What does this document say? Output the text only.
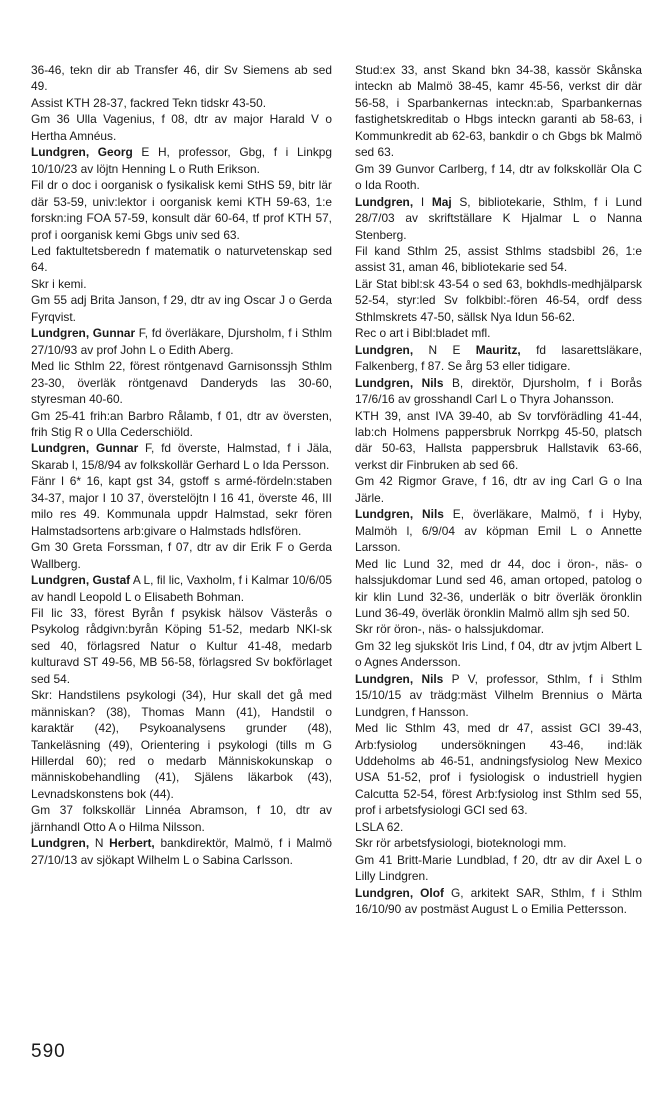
36-46, tekn dir ab Transfer 46, dir Sv Siemens ab sed 49.

Assist KTH 28-37, fackred Tekn tidskr 43-50.

Gm 36 Ulla Vagenius, f 08, dtr av major Harald V o Hertha Amnéus.

Lundgren, Georg E H, professor, Gbg, f i Linkpg 10/10/23 av löjtn Henning L o Ruth Erikson.

Fil dr o doc i oorganisk o fysikalisk kemi StHS 59, bitr lär där 53-59, univ:lektor i oorganisk kemi KTH 59-63, 1:e forskn:ing FOA 57-59, konsult där 60-64, tf prof KTH 57, prof i oorganisk kemi Gbgs univ sed 63.

Led faktultetsberedn f matematik o naturvetenskap sed 64.

Skr i kemi.

Gm 55 adj Brita Janson, f 29, dtr av ing Oscar J o Gerda Fyrqvist.

Lundgren, Gunnar F, fd överläkare, Djursholm, f i Sthlm 27/10/93 av prof John L o Edith Aberg.

Med lic Sthlm 22, förest röntgenavd Garnisonssjh Sthlm 23-30, överläk röntgenavd Danderyds las 30-60, styresman 40-60.

Gm 25-41 frih:an Barbro Rålamb, f 01, dtr av översten, frih Stig R o Ulla Cederschiöld.

Lundgren, Gunnar F, fd överste, Halmstad, f i Jäla, Skarab l, 15/8/94 av folkskollär Gerhard L o Ida Persson.

Fänr I 6* 16, kapt gst 34, gstoff s armé-fördeln:staben 34-37, major I 10 37, överstelöjtn I 16 41, överste 46, III milo res 49. Kommunala uppdr Halmstad, sekr fören Halmstadsortens arb:givare o Halmstads hdlsfören.

Gm 30 Greta Forssman, f 07, dtr av dir Erik F o Gerda Wallberg.

Lundgren, Gustaf A L, fil lic, Vaxholm, f i Kalmar 10/6/05 av handl Leopold L o Elisabeth Bohman.

Fil lic 33, förest Byrån f psykisk hälsov Västerås o Psykolog rådgivn:byrån Köping 51-52, medarb NKI-sk sed 40, förlagsred Natur o Kultur 41-48, medarb kulturavd ST 49-56, MB 56-58, förlagsred Sv bokförlaget sed 54.

Skr: Handstilens psykologi (34), Hur skall det gå med människan? (38), Thomas Mann (41), Handstil o karaktär (42), Psykoanalysens grunder (48), Tankeläsning (49), Orientering i psykologi (tills m G Hillerdal 60); red o medarb Människokunskap o människobehandling (41), Själens läkarbok (43), Levnadskonstens bok (44).

Gm 37 folkskollär Linnéa Abramson, f 10, dtr av järnhandl Otto A o Hilma Nilsson.

Lundgren, N Herbert, bankdirektör, Malmö, f i Malmö 27/10/13 av sjökapt Wilhelm L o Sabina Carlsson.

Stud:ex 33, anst Skand bkn 34-38, kassör Skånska inteckn ab Malmö 38-45, kamr 45-56, verkst dir där 56-58, i Sparbankernas inteckn:ab, Sparbankernas fastighetskreditab o Hbgs inteckn garanti ab 58-63, i Kommunkredit ab 62-63, bankdir o ch Gbgs bk Malmö sed 63.

Gm 39 Gunvor Carlberg, f 14, dtr av folkskollär Ola C o Ida Rooth.

Lundgren, I Maj S, bibliotekarie, Sthlm, f i Lund 28/7/03 av skriftställare K Hjalmar L o Nanna Stenberg.

Fil kand Sthlm 25, assist Sthlms stadsbibl 26, 1:e assist 31, aman 46, bibliotekarie sed 54.

Lär Stat bibl:sk 43-54 o sed 63, bokhdls-medhjälparsk 52-54, styr:led Sv folkbibl:-fören 46-54, ordf dess Sthlmskrets 47-50, sällsk Nya Idun 56-62.

Rec o art i Bibl:bladet mfl.

Lundgren, N E Mauritz, fd lasarettsläkare, Falkenberg, f 87. Se årg 53 eller tidigare.

Lundgren, Nils B, direktör, Djursholm, f i Borås 17/6/16 av grosshandl Carl L o Thyra Johansson.

KTH 39, anst IVA 39-40, ab Sv torvförädling 41-44, lab:ch Holmens pappersbruk Norrkpg 45-50, platsch där 50-63, Hallsta pappersbruk Hallstavik 63-66, verkst dir Finbruken ab sed 66.

Gm 42 Rigmor Grave, f 16, dtr av ing Carl G o Ina Järle.

Lundgren, Nils E, överläkare, Malmö, f i Hyby, Malmöh l, 6/9/04 av köpman Emil L o Annette Larsson.

Med lic Lund 32, med dr 44, doc i öron-, näs- o halssjukdomar Lund sed 46, aman ortoped, patolog o kir klin Lund 32-36, underläk o bitr överläk öronklin Lund 36-49, överläk öronklin Malmö allm sjh sed 50.

Skr rör öron-, näs- o halssjukdomar.

Gm 32 leg sjuksköt Iris Lind, f 04, dtr av jvtjm Albert L o Agnes Andersson.

Lundgren, Nils P V, professor, Sthlm, f i Sthlm 15/10/15 av trädg:mäst Vilhelm Brennius o Märta Lundgren, f Hansson.

Med lic Sthlm 43, med dr 47, assist GCI 39-43, Arb:fysiolog undersökningen 43-46, ind:läk Uddeholms ab 46-51, andningsfysiolog New Mexico USA 51-52, prof i fysiologisk o industriell hygien Calcutta 52-54, förest Arb:fysiolog inst Sthlm sed 55, prof i arbetsfysiologi GCI sed 63.

LSLA 62.

Skr rör arbetsfysiologi, bioteknologi mm.

Gm 41 Britt-Marie Lundblad, f 20, dtr av dir Axel L o Lilly Lindgren.

Lundgren, Olof G, arkitekt SAR, Sthlm, f i Sthlm 16/10/90 av postmäst August L o Emilia Pettersson.

590
